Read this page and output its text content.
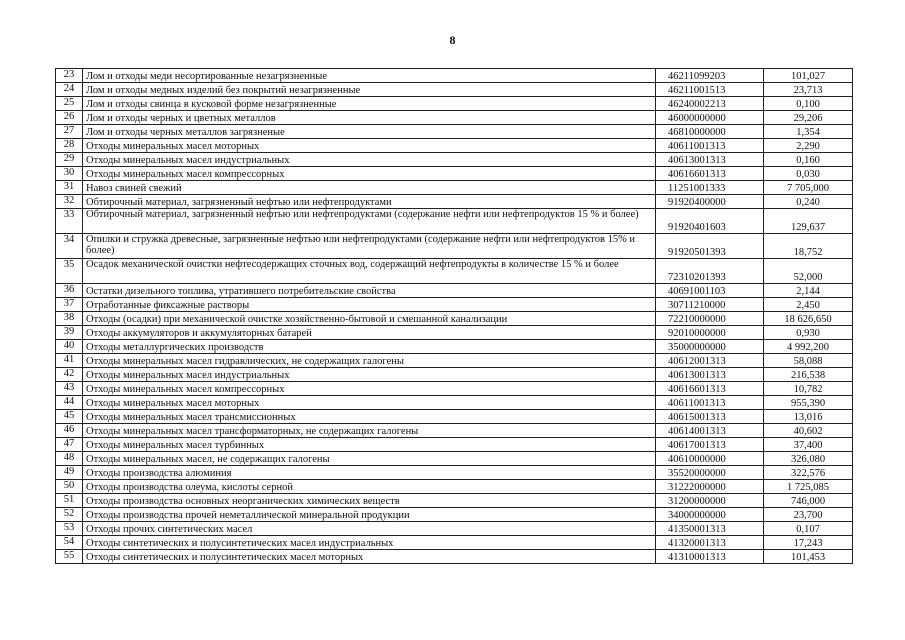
8
23	Лом и отходы меди несортированные незагрязненные	46211099203	101,027
24	Лом и отходы медных изделий без покрытий незагрязненные	46211001513	23,713
25	Лом и отходы свинца в кусковой форме незагрязненные	46240002213	0,100
26	Лом и отходы черных и цветных металлов	46000000000	29,206
27	Лом и отходы черных металлов загрязненые	46810000000	1,354
28	Отходы минеральных масел моторных	40611001313	2,290
29	Отходы минеральных масел индустриальных	40613001313	0,160
30	Отходы минеральных масел компрессорных	40616601313	0,030
31	Навоз свиней свежий	11251001333	7 705,000
32	Обтирочный материал, загрязненный нефтью или нефтепродуктами	91920400000	0,240
33	Обтирочный материал, загрязненный нефтью или нефтепродуктами (содержание нефти или нефтепродуктов 15 % и более)	91920401603	129,637
34	Опилки и стружка древесные, загрязненные нефтью или нефтепродуктами (содержание нефти или нефтепродуктов 15% и более)	91920501393	18,752
35	Осадок механической очистки нефтесодержащих сточных вод, содержащий нефтепродукты в количестве 15 % и более	72310201393	52,000
36	Остатки дизельного топлива, утратившего потребительские свойства	40691001103	2,144
37	Отработанные фиксажные растворы	30711210000	2,450
38	Отходы (осадки) при механической очистке хозяйственно-бытовой и смешанной канализации	72210000000	18 626,650
39	Отходы аккумуляторов и аккумуляторных батарей	92010000000	0,930
40	Отходы металлургических производств	35000000000	4 992,200
41	Отходы минеральных масел гидравлических, не содержащих галогены	40612001313	58,088
42	Отходы минеральных масел индустриальных	40613001313	216,538
43	Отходы минеральных масел компрессорных	40616601313	10,782
44	Отходы минеральных масел моторных	40611001313	955,390
45	Отходы минеральных масел трансмиссионных	40615001313	13,016
46	Отходы минеральных масел трансформаторных, не содержащих галогены	40614001313	40,602
47	Отходы минеральных масел турбинных	40617001313	37,400
48	Отходы минеральных масел, не содержащих галогены	40610000000	326,080
49	Отходы производства алюминия	35520000000	322,576
50	Отходы производства олеума, кислоты серной	31222000000	1 725,085
51	Отходы производства основных неорганических химических веществ	31200000000	746,000
52	Отходы производства прочей неметаллической минеральной продукции	34000000000	23,700
53	Отходы прочих синтетических масел	41350001313	0,107
54	Отходы синтетических и полусинтетических масел индустриальных	41320001313	17,243
55	Отходы синтетических и полусинтетических масел моторных	41310001313	101,453
